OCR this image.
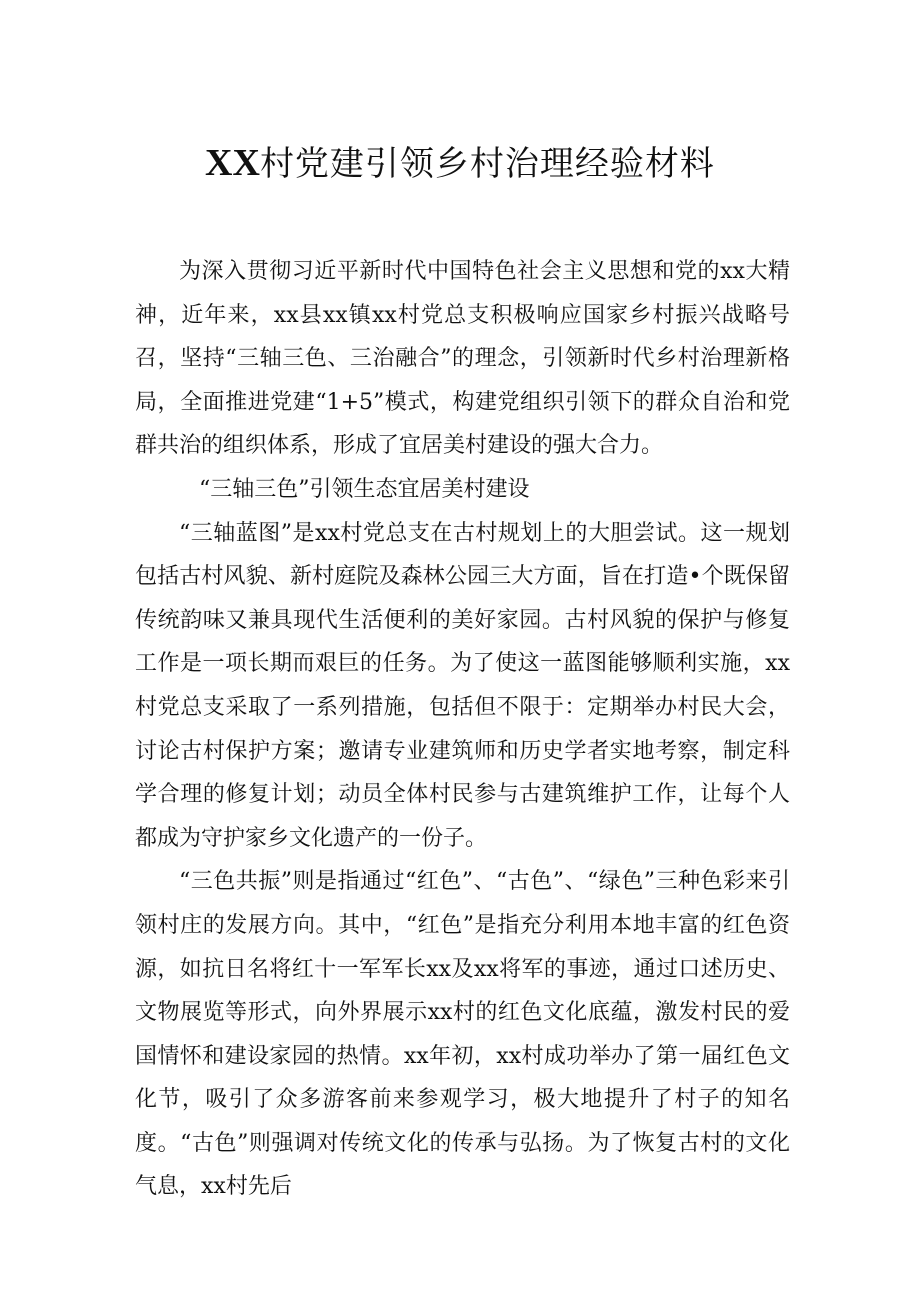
XX村党建引领乡村治理经验材料

为深入贯彻习近平新时代中国特色社会主义思想和党的xx大精神，近年来，xx县xx镇xx村党总支积极响应国家乡村振兴战略号召，坚持“三轴三色、三治融合”的理念，引领新时代乡村治理新格局，全面推进党建“1+5”模式，构建党组织引领下的群众自治和党群共治的组织体系，形成了宜居美村建设的强大合力。

“三轴三色”引领生态宜居美村建设

“三轴蓝图”是xx村党总支在古村规划上的大胆尝试。这一规划包括古村风貌、新村庭院及森林公园三大方面，旨在打造•个既保留传统韵味又兼具现代生活便利的美好家园。古村风貌的保护与修复工作是一项长期而艰巨的任务。为了使这一蓝图能够顺利实施，xx村党总支采取了一系列措施，包括但不限于：定期举办村民大会，讨论古村保护方案；邀请专业建筑师和历史学者实地考察，制定科学合理的修复计划；动员全体村民参与古建筑维护工作，让每个人都成为守护家乡文化遗产的一份子。

“三色共振”则是指通过“红色”、“古色”、“绿色”三种色彩来引领村庄的发展方向。其中，“红色”是指充分利用本地丰富的红色资源，如抗日名将红十一军军长xx及xx将军的事迹，通过口述历史、文物展览等形式，向外界展示xx村的红色文化底蕴，激发村民的爱国情怀和建设家园的热情。xx年初，xx村成功举办了第一届红色文化节，吸引了众多游客前来参观学习，极大地提升了村子的知名度。“古色”则强调对传统文化的传承与弘扬。为了恢复古村的文化气息，xx村先后
